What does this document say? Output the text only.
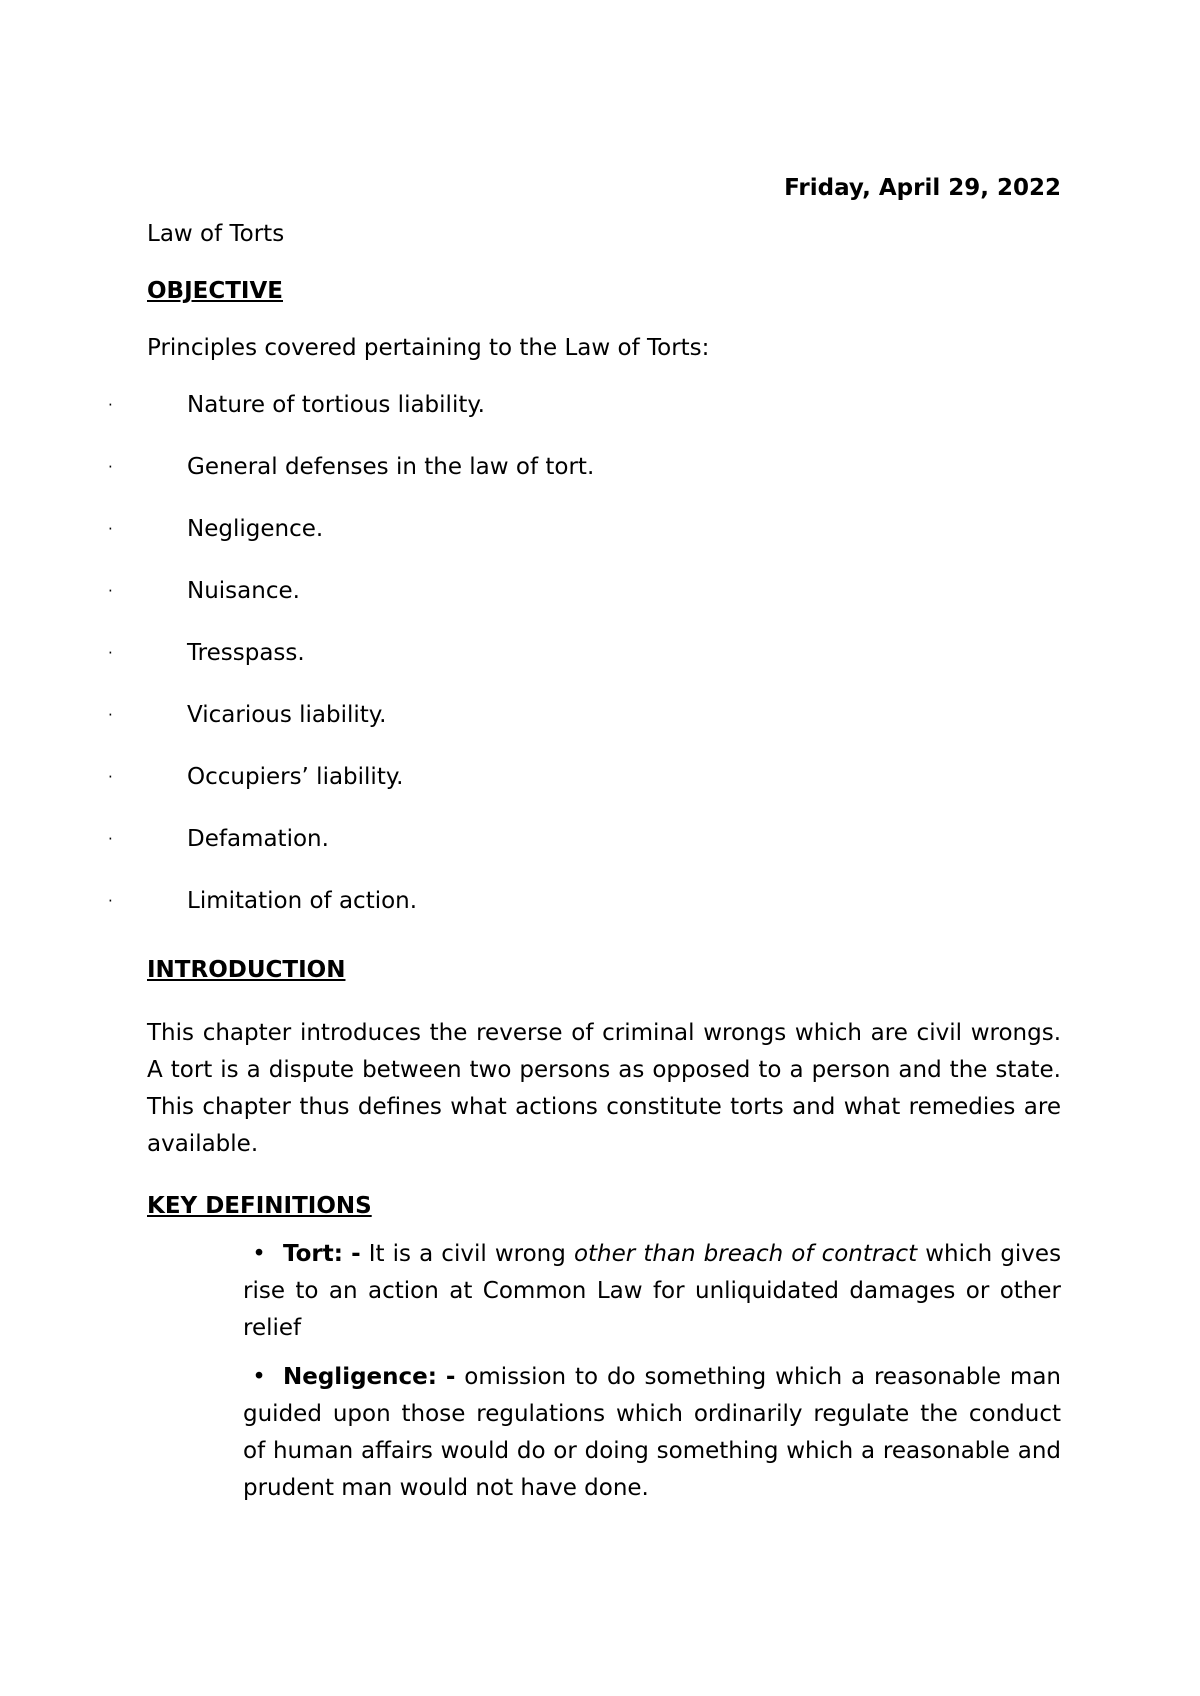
Friday, April 29, 2022
Law of Torts
OBJECTIVE
Principles covered pertaining to the Law of Torts:
·	Nature of tortious liability.
·	General defenses in the law of tort.
·	Negligence.
·	Nuisance.
·	Tresspass.
·	Vicarious liability.
·	Occupiers’ liability.
·	Defamation.
·	Limitation of action.
INTRODUCTION

This chapter introduces the reverse of criminal wrongs which are civil wrongs. A tort is a dispute between two persons as opposed to a person and the state. This chapter thus defines what actions constitute torts and what remedies are available.

KEY DEFINITIONS
• Tort: - It is a civil wrong other than breach of contract which gives rise to an action at Common Law for unliquidated damages or other relief
• Negligence: - omission to do something which a reasonable man guided upon those regulations which ordinarily regulate the conduct of human affairs would do or doing something which a reasonable and prudent man would not have done.
